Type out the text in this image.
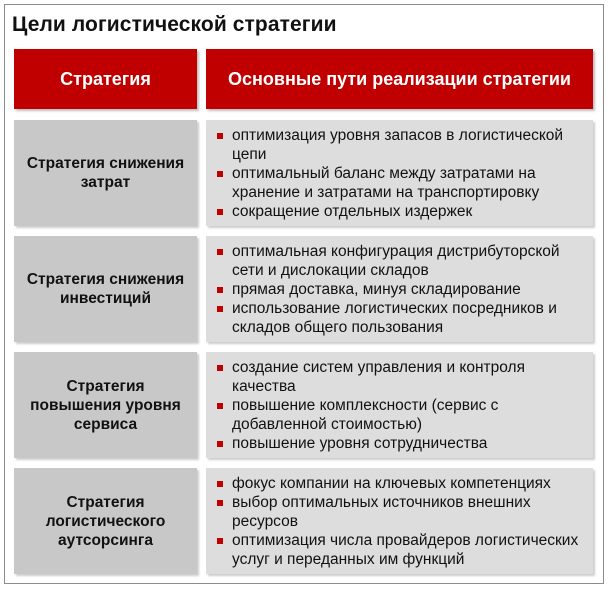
Цели логистической стратегии
Стратегия	Основные пути реализации стратегии
Стратегия снижения затрат
оптимизация уровня запасов в логистической цепи
оптимальный баланс между затратами на хранение и затратами на транспортировку
сокращение отдельных издержек
Стратегия снижения инвестиций
оптимальная конфигурация дистрибуторской сети и дислокации складов
прямая доставка, минуя складирование
использование логистических посредников и складов общего пользования
Стратегия повышения уровня сервиса
создание систем управления и контроля качества
повышение комплексности (сервис с добавленной стоимостью)
повышение уровня сотрудничества
Стратегия логистического аутсорсинга
фокус компании на ключевых компетенциях
выбор оптимальных источников внешних ресурсов
оптимизация числа провайдеров логистических услуг и переданных им функций
